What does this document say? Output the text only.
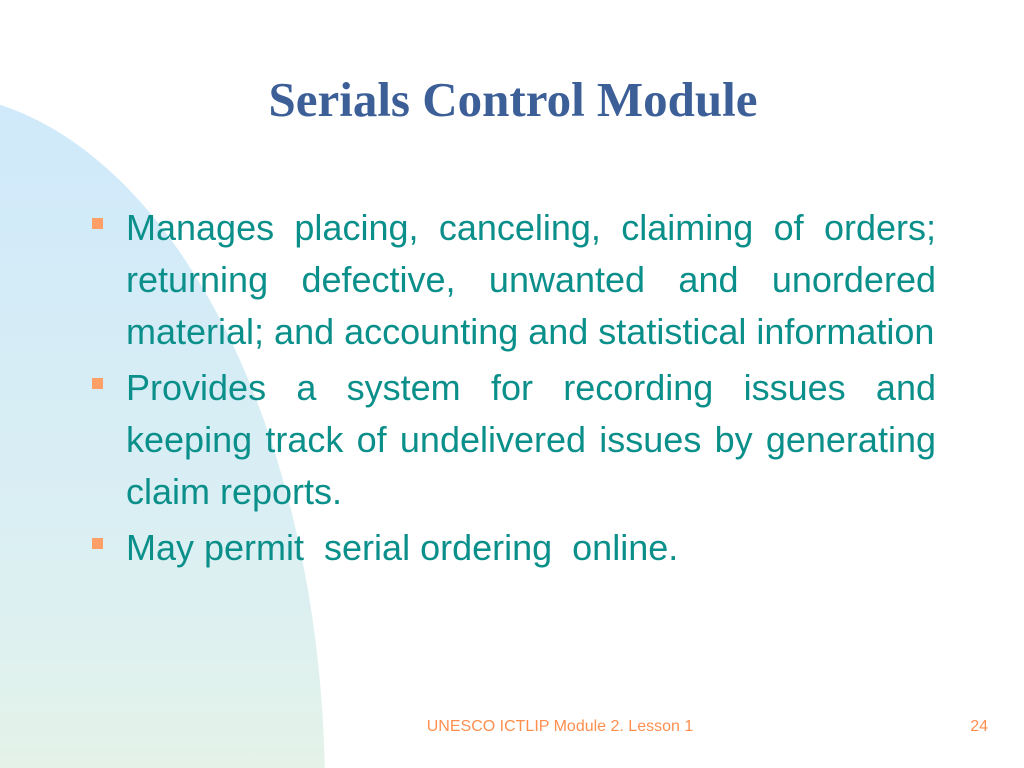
Serials Control Module
Manages placing, canceling, claiming of orders; returning defective, unwanted and unordered material; and accounting and statistical information
Provides a system for recording issues and keeping track of undelivered issues by generating claim reports.
May permit  serial ordering  online.
UNESCO ICTLIP Module 2. Lesson 1	24
